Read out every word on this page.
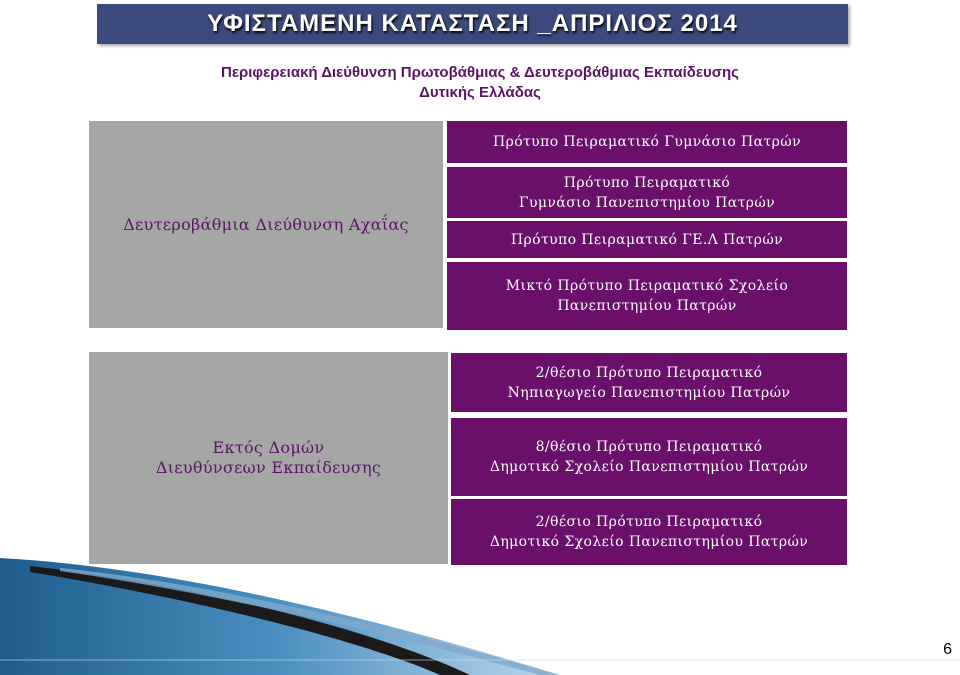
ΥΦΙΣΤΑΜΕΝΗ ΚΑΤΑΣΤΑΣΗ _ΑΠΡΙΛΙΟΣ 2014
Περιφερειακή Διεύθυνση Πρωτοβάθμιας & Δευτεροβάθμιας Εκπαίδευσης
Δυτικής Ελλάδας
Δευτεροβάθμια Διεύθυνση Αχαΐας
Πρότυπο Πειραματικό Γυμνάσιο Πατρών
Πρότυπο Πειραματικό
Γυμνάσιο Πανεπιστημίου Πατρών
Πρότυπο Πειραματικό ΓΕ.Λ Πατρών
Μικτό Πρότυπο Πειραματικό Σχολείο
Πανεπιστημίου Πατρών
Εκτός Δομών
Διευθύνσεων Εκπαίδευσης
2/θέσιο Πρότυπο Πειραματικό
Νηπιαγωγείο Πανεπιστημίου Πατρών
8/θέσιο Πρότυπο Πειραματικό
Δημοτικό Σχολείο Πανεπιστημίου Πατρών
2/θέσιο Πρότυπο Πειραματικό
Δημοτικό Σχολείο Πανεπιστημίου Πατρών
6
